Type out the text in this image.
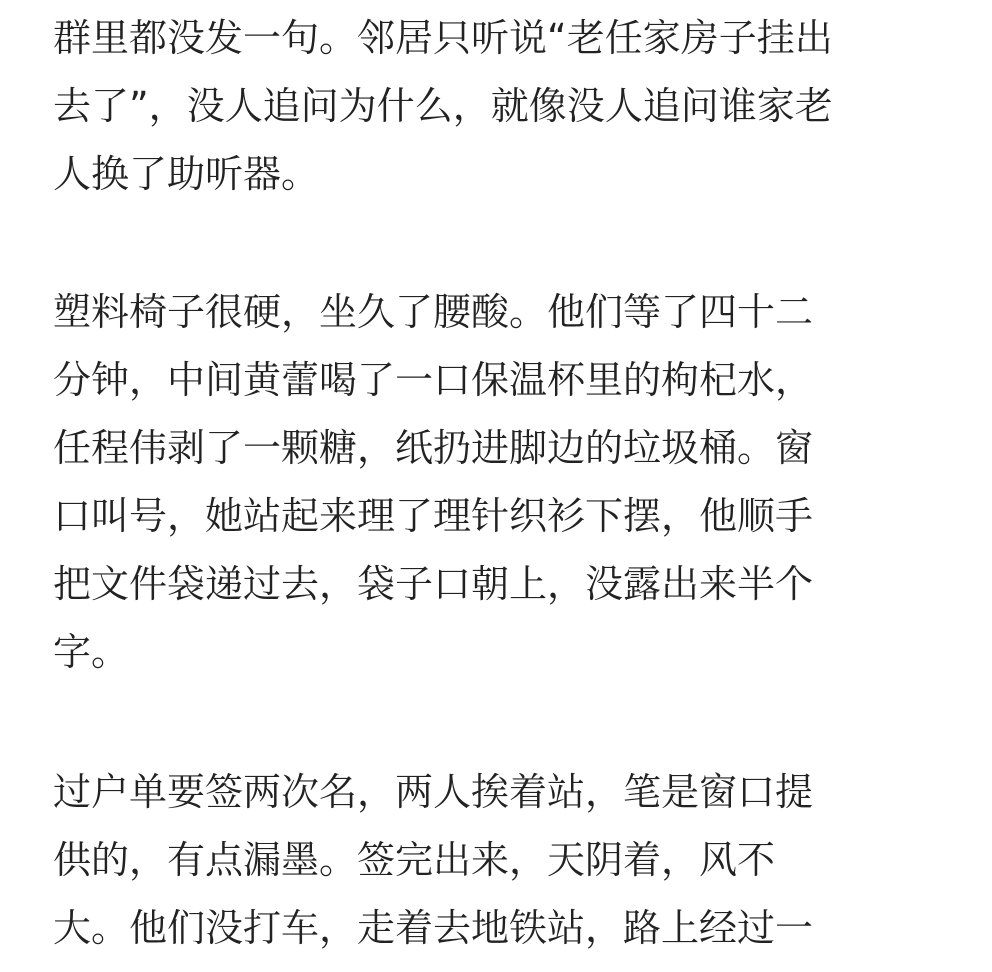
群里都没发一句。邻居只听说“老任家房子挂出
去了”，没人追问为什么，就像没人追问谁家老
人换了助听器。
塑料椅子很硬，坐久了腰酸。他们等了四十二
分钟，中间黄蕾喝了一口保温杯里的枸杞水，
任程伟剥了一颗糖，纸扔进脚边的垃圾桶。窗
口叫号，她站起来理了理针织衫下摆，他顺手
把文件袋递过去，袋子口朝上，没露出来半个
字。
过户单要签两次名，两人挨着站，笔是窗口提
供的，有点漏墨。签完出来，天阴着，风不
大。他们没打车，走着去地铁站，路上经过一
